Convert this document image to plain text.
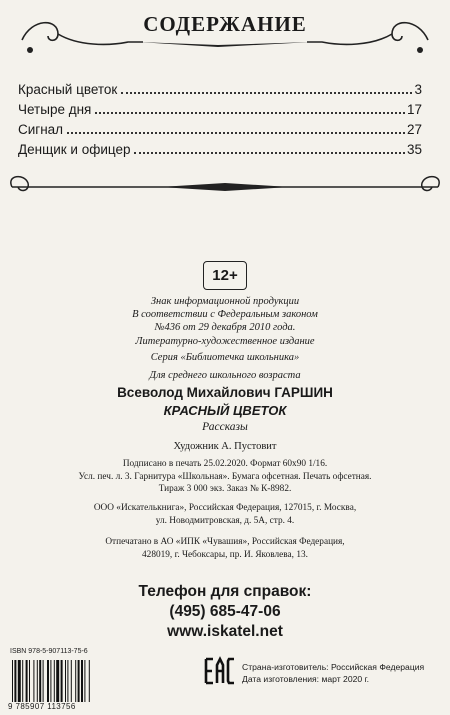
СОДЕРЖАНИЕ
Красный цветок	3
Четыре дня	17
Сигнал	27
Денщик и офицер	35
12+
Знак информационной продукции
В соответствии с Федеральным законом
№436 от 29 декабря 2010 года.
Литературно-художественное издание
Серия «Библиотечка школьника»
Для среднего школьного возраста
Всеволод Михайлович ГАРШИН
КРАСНЫЙ ЦВЕТОК
Рассказы
Художник А. Пустовит
Подписано в печать 25.02.2020. Формат 60х90 1/16.
Усл. печ. л. 3. Гарнитура «Школьная». Бумага офсетная. Печать офсетная.
Тираж 3 000 экз. Заказ № К-8982.
ООО «Искателькнига», Российская Федерация, 127015, г. Москва,
ул. Новодмитровская, д. 5А, стр. 4.
Отпечатано в АО «ИПК «Чувашия», Российская Федерация,
428019, г. Чебоксары, пр. И. Яковлева, 13.
Телефон для справок:
(495) 685-47-06
www.iskatel.net
ISBN 978-5-907113-75-6
9 785907 113756
Страна-изготовитель: Российская Федерация
Дата изготовления: март 2020 г.
